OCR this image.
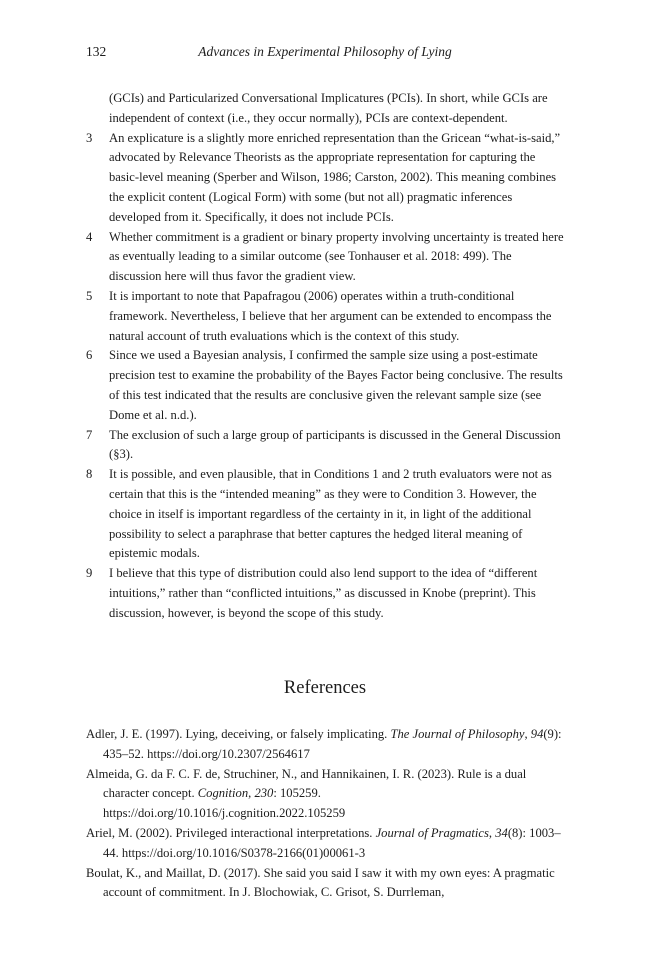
132	Advances in Experimental Philosophy of Lying
(GCIs) and Particularized Conversational Implicatures (PCIs). In short, while GCIs are independent of context (i.e., they occur normally), PCIs are context-dependent.
3 An explicature is a slightly more enriched representation than the Gricean “what-is-said,” advocated by Relevance Theorists as the appropriate representation for capturing the basic-level meaning (Sperber and Wilson, 1986; Carston, 2002). This meaning combines the explicit content (Logical Form) with some (but not all) pragmatic inferences developed from it. Specifically, it does not include PCIs.
4 Whether commitment is a gradient or binary property involving uncertainty is treated here as eventually leading to a similar outcome (see Tonhauser et al. 2018: 499). The discussion here will thus favor the gradient view.
5 It is important to note that Papafragou (2006) operates within a truth-conditional framework. Nevertheless, I believe that her argument can be extended to encompass the natural account of truth evaluations which is the context of this study.
6 Since we used a Bayesian analysis, I confirmed the sample size using a post-estimate precision test to examine the probability of the Bayes Factor being conclusive. The results of this test indicated that the results are conclusive given the relevant sample size (see Dome et al. n.d.).
7 The exclusion of such a large group of participants is discussed in the General Discussion (§3).
8 It is possible, and even plausible, that in Conditions 1 and 2 truth evaluators were not as certain that this is the “intended meaning” as they were to Condition 3. However, the choice in itself is important regardless of the certainty in it, in light of the additional possibility to select a paraphrase that better captures the hedged literal meaning of epistemic modals.
9 I believe that this type of distribution could also lend support to the idea of “different intuitions,” rather than “conflicted intuitions,” as discussed in Knobe (preprint). This discussion, however, is beyond the scope of this study.
References
Adler, J. E. (1997). Lying, deceiving, or falsely implicating. The Journal of Philosophy, 94(9): 435–52. https://doi.org/10.2307/2564617
Almeida, G. da F. C. F. de, Struchiner, N., and Hannikainen, I. R. (2023). Rule is a dual character concept. Cognition, 230: 105259. https://doi.org/10.1016/j.cognition.2022.105259
Ariel, M. (2002). Privileged interactional interpretations. Journal of Pragmatics, 34(8): 1003–44. https://doi.org/10.1016/S0378-2166(01)00061-3
Boulat, K., and Maillat, D. (2017). She said you said I saw it with my own eyes: A pragmatic account of commitment. In J. Blochowiak, C. Grisot, S. Durrleman,
